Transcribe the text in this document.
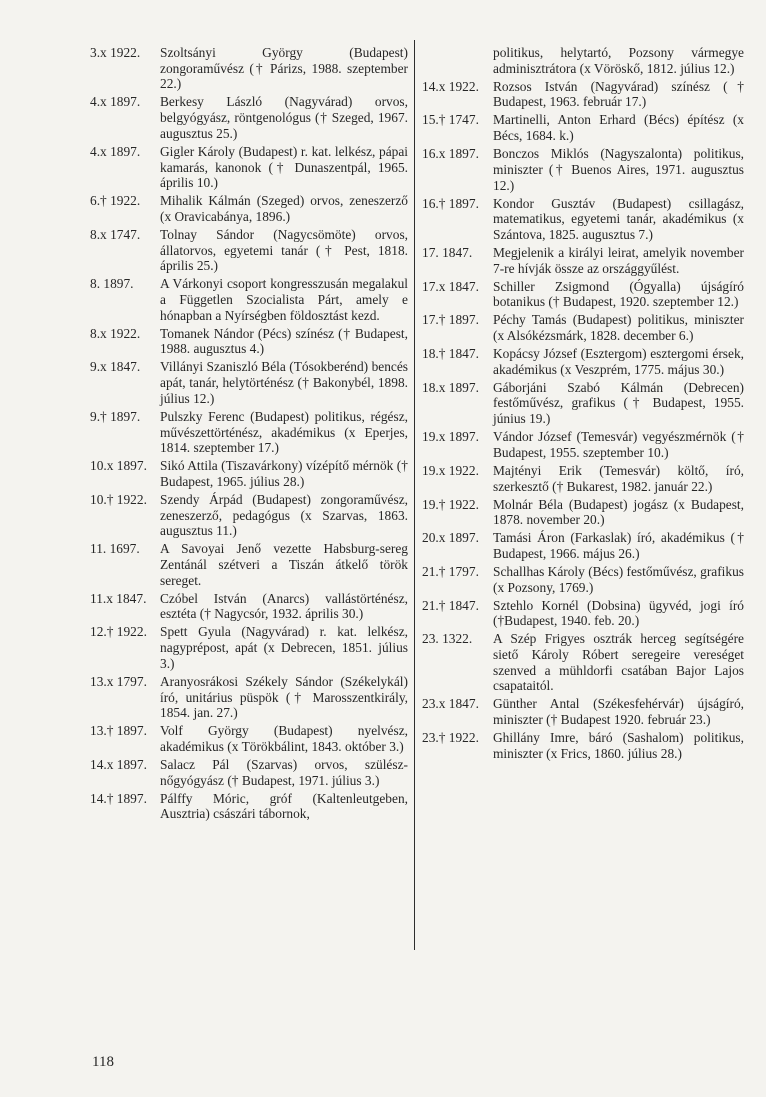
3.x 1922.	Szoltsányi György (Budapest) zongoraművész († Párizs, 1988. szeptember 22.)
4.x 1897.	Berkesy László (Nagyvárad) orvos, belgyógyász, röntgenológus († Szeged, 1967. augusztus 25.)
4.x 1897.	Gigler Károly (Budapest) r. kat. lelkész, pápai kamarás, kanonok († Dunaszentpál, 1965. április 10.)
6.† 1922.	Mihalik Kálmán (Szeged) orvos, zeneszerző (x Oravicabánya, 1896.)
8.x 1747.	Tolnay Sándor (Nagycsömöte) orvos, állatorvos, egyetemi tanár († Pest, 1818. április 25.)
8. 1897.	A Várkonyi csoport kongresszusán megalakul a Független Szocialista Párt, amely e hónapban a Nyírségben földosztást kezd.
8.x 1922.	Tomanek Nándor (Pécs) színész († Budapest, 1988. augusztus 4.)
9.x 1847.	Villányi Szaniszló Béla (Tósokberénd) bencés apát, tanár, helytörténész († Bakonybél, 1898. július 12.)
9.† 1897.	Pulszky Ferenc (Budapest) politikus, régész, művészettörténész, akadémikus (x Eperjes, 1814. szeptember 17.)
10.x 1897. Sikó Attila (Tiszavárkony) vízépítő mérnök († Budapest, 1965. július 28.)
10.† 1922. Szendy Árpád (Budapest) zongoraművész, zeneszerző, pedagógus (x Szarvas, 1863. augusztus 11.)
11. 1697.	A Savoyai Jenő vezette Habsburg-sereg Zentánál szétveri a Tiszán átkelő török sereget.
11.x 1847.	Czóbel István (Anarcs) vallástörténész, esztéta († Nagycsór, 1932. április 30.)
12.† 1922. Spett Gyula (Nagyvárad) r. kat. lelkész, nagyprépost, apát (x Debrecen, 1851. július 3.)
13.x 1797. Aranyosrákosi Székely Sándor (Székelykál) író, unitárius püspök († Marosszentkirály, 1854. jan. 27.)
13.† 1897. Volf György (Budapest) nyelvész, akadémikus (x Törökbálint, 1843. október 3.)
14.x 1897. Salacz Pál (Szarvas) orvos, szülész-nőgyógyász († Budapest, 1971. július 3.)
14.† 1897. Pálffy Móric, gróf (Kaltenleutgeben, Ausztria) császári tábornok,
politikus, helytartó, Pozsony vármegye adminisztrátora (x Vöröskő, 1812. július 12.)
14.x 1922.	Rozsos István (Nagyvárad) színész († Budapest, 1963. február 17.)
15.† 1747.	Martinelli, Anton Erhard (Bécs) építész (x Bécs, 1684. k.)
16.x 1897.	Bonczos Miklós (Nagyszalonta) politikus, miniszter († Buenos Aires, 1971. augusztus 12.)
16.† 1897.	Kondor Gusztáv (Budapest) csillagász, matematikus, egyetemi tanár, akadémikus (x Szántova, 1825. augusztus 7.)
17. 1847.	Megjelenik a királyi leirat, amelyik november 7-re hívják össze az országgyűlést.
17.x 1847.	Schiller Zsigmond (Ógyalla) újságíró botanikus († Budapest, 1920. szeptember 12.)
17.† 1897.	Péchy Tamás (Budapest) politikus, miniszter (x Alsókézsmárk, 1828. december 6.)
18.† 1847.	Kopácsy József (Esztergom) esztergomi érsek, akadémikus (x Veszprém, 1775. május 30.)
18.x 1897.	Gáborjáni Szabó Kálmán (Debrecen) festőművész, grafikus († Budapest, 1955. június 19.)
19.x 1897.	Vándor József (Temesvár) vegyészmérnök († Budapest, 1955. szeptember 10.)
19.x 1922.	Majtényi Erik (Temesvár) költő, író, szerkesztő († Bukarest, 1982. január 22.)
19.† 1922.	Molnár Béla (Budapest) jogász (x Budapest, 1878. november 20.)
20.x 1897.	Tamási Áron (Farkaslak) író, akadémikus († Budapest, 1966. május 26.)
21.† 1797.	Schallhas Károly (Bécs) festőművész, grafikus (x Pozsony, 1769.)
21.† 1847.	Sztehlo Kornél (Dobsina) ügyvéd, jogi író (†Budapest, 1940. feb. 20.)
23. 1322.	A Szép Frigyes osztrák herceg segítségére siető Károly Róbert seregeire vereséget szenved a mühldorfi csatában Bajor Lajos csapataitól.
23.x 1847.	Günther Antal (Székesfehérvár) újságíró, miniszter († Budapest 1920. február 23.)
23.† 1922.	Ghillány Imre, báró (Sashalom) politikus, miniszter (x Frics, 1860. július 28.)
118
